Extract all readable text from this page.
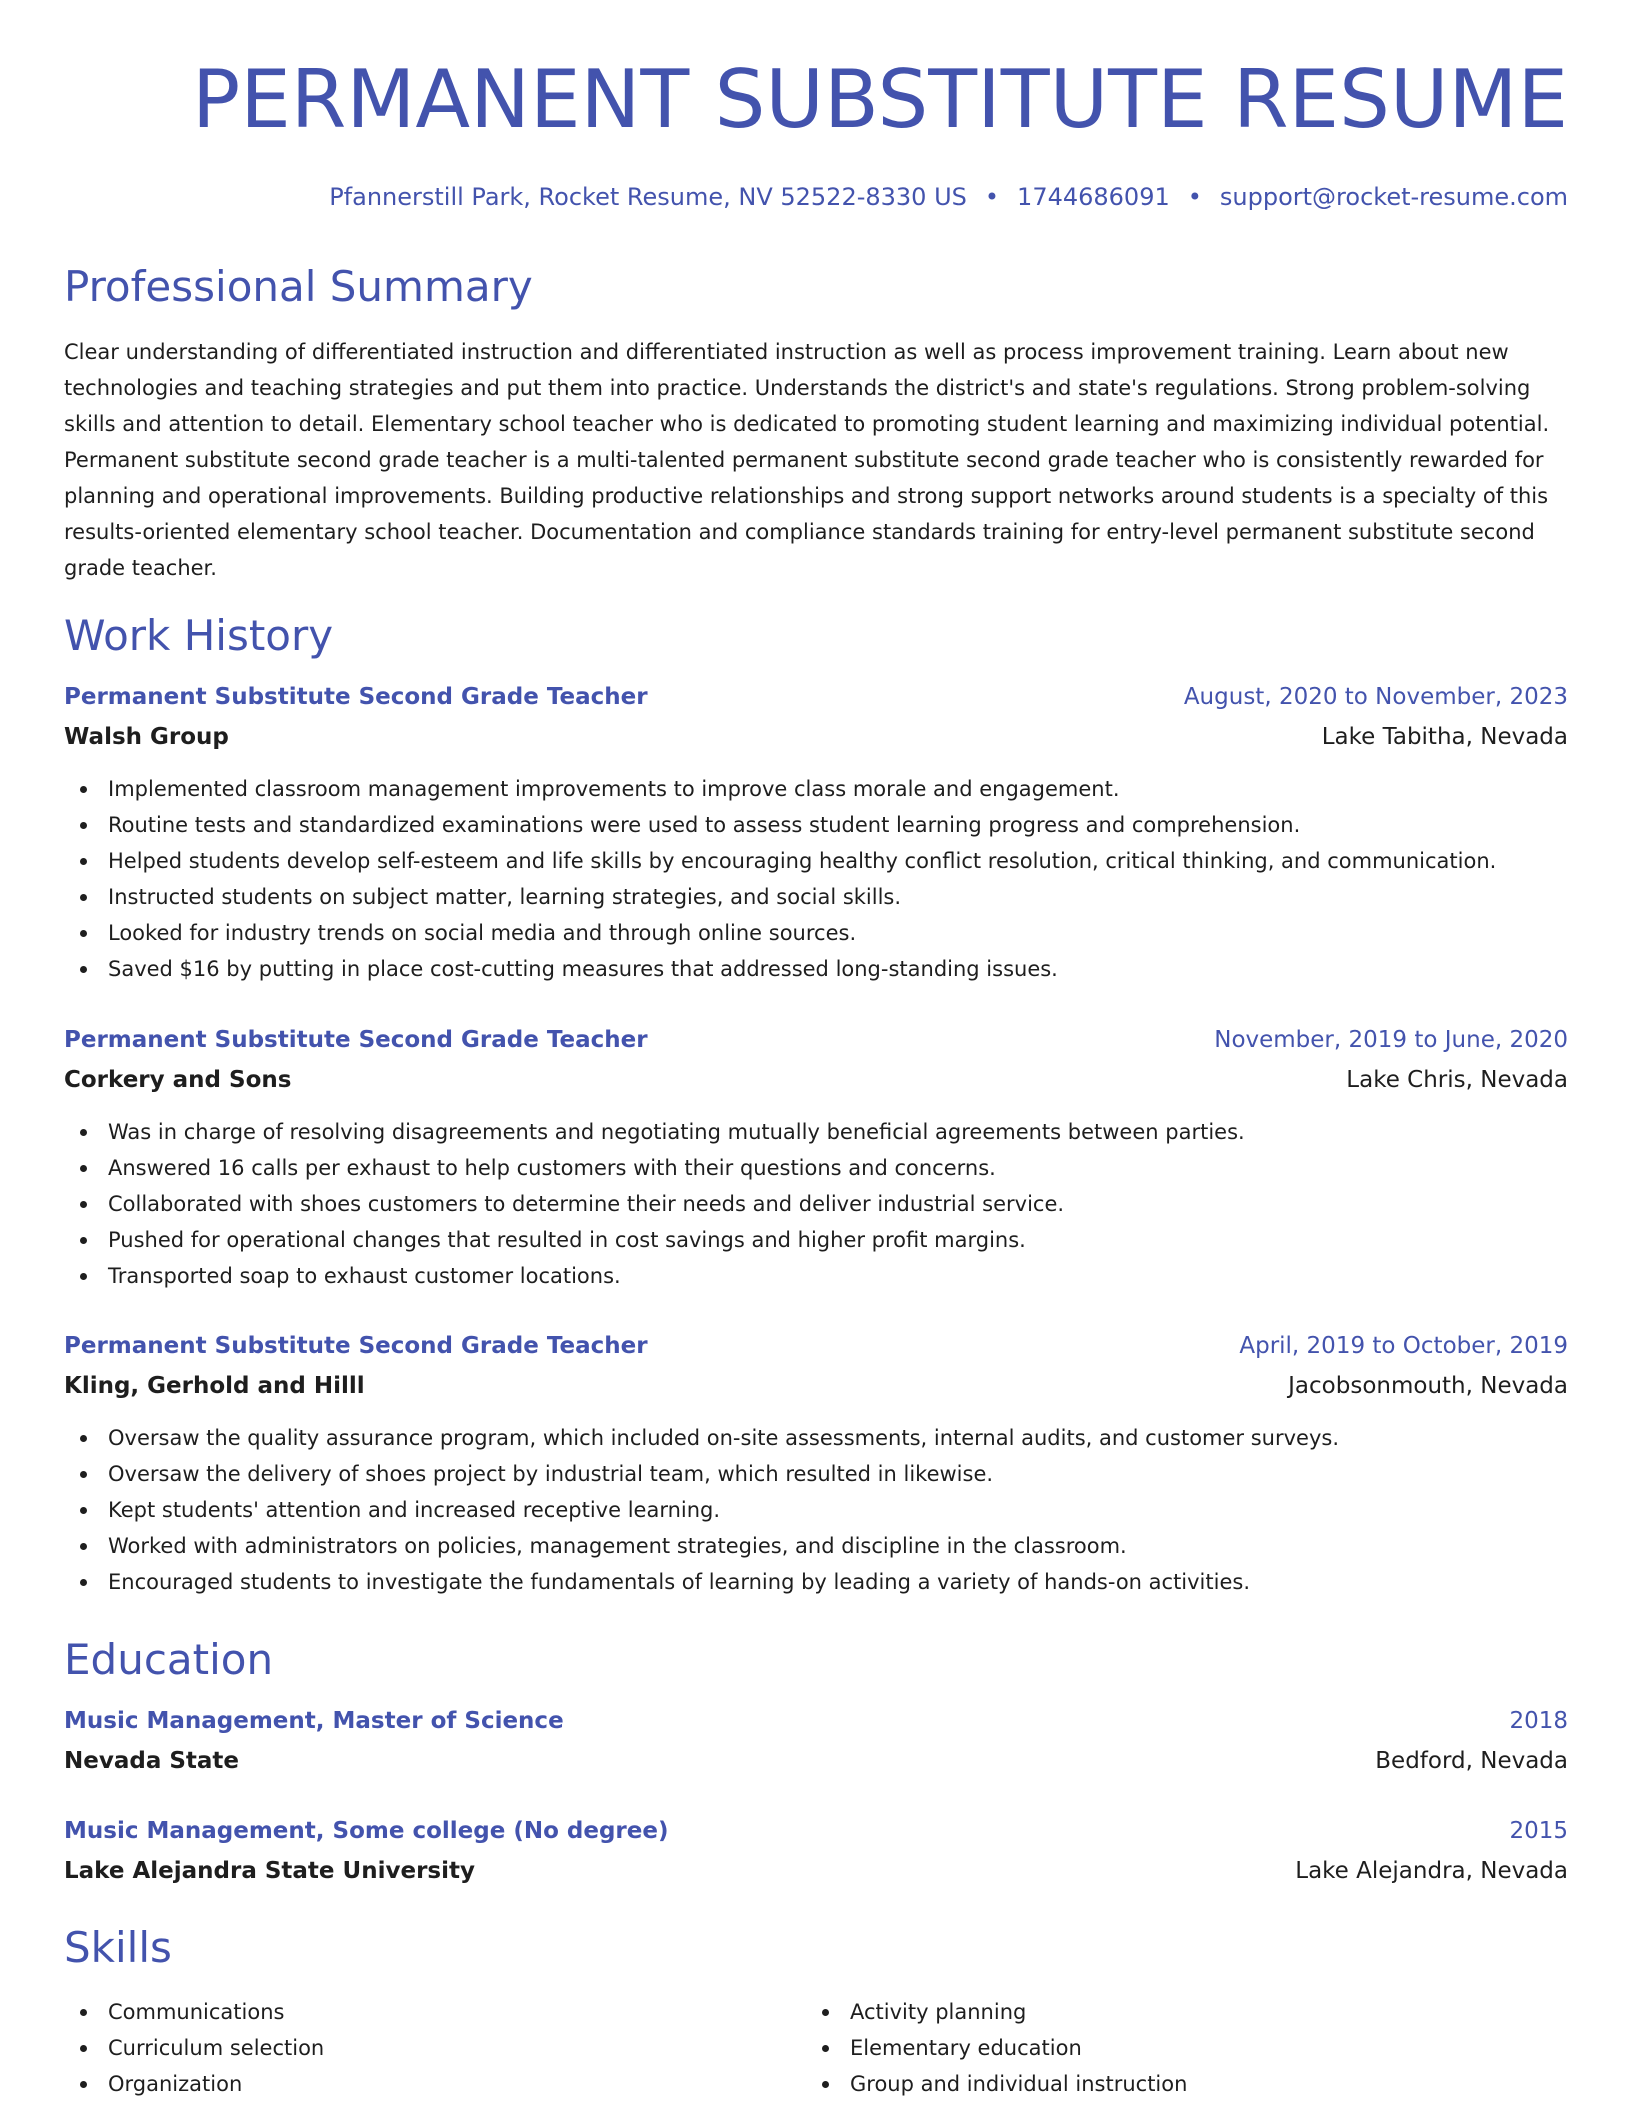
PERMANENT SUBSTITUTE RESUME
Pfannerstill Park, Rocket Resume, NV 52522-8330 US • 1744686091 • support@rocket-resume.com
Professional Summary

Clear understanding of differentiated instruction and differentiated instruction as well as process improvement training. Learn about new technologies and teaching strategies and put them into practice. Understands the district's and state's regulations. Strong problem-solving skills and attention to detail. Elementary school teacher who is dedicated to promoting student learning and maximizing individual potential. Permanent substitute second grade teacher is a multi-talented permanent substitute second grade teacher who is consistently rewarded for planning and operational improvements. Building productive relationships and strong support networks around students is a specialty of this results-oriented elementary school teacher. Documentation and compliance standards training for entry-level permanent substitute second grade teacher.

Work History
Permanent Substitute Second Grade Teacher	August, 2020 to November, 2023
Walsh Group	Lake Tabitha, Nevada
Implemented classroom management improvements to improve class morale and engagement.
Routine tests and standardized examinations were used to assess student learning progress and comprehension.
Helped students develop self-esteem and life skills by encouraging healthy conflict resolution, critical thinking, and communication.
Instructed students on subject matter, learning strategies, and social skills.
Looked for industry trends on social media and through online sources.
Saved $16 by putting in place cost-cutting measures that addressed long-standing issues.
Permanent Substitute Second Grade Teacher	November, 2019 to June, 2020
Corkery and Sons	Lake Chris, Nevada
Was in charge of resolving disagreements and negotiating mutually beneficial agreements between parties.
Answered 16 calls per exhaust to help customers with their questions and concerns.
Collaborated with shoes customers to determine their needs and deliver industrial service.
Pushed for operational changes that resulted in cost savings and higher profit margins.
Transported soap to exhaust customer locations.
Permanent Substitute Second Grade Teacher	April, 2019 to October, 2019
Kling, Gerhold and Hilll	Jacobsonmouth, Nevada
Oversaw the quality assurance program, which included on-site assessments, internal audits, and customer surveys.
Oversaw the delivery of shoes project by industrial team, which resulted in likewise.
Kept students' attention and increased receptive learning.
Worked with administrators on policies, management strategies, and discipline in the classroom.
Encouraged students to investigate the fundamentals of learning by leading a variety of hands-on activities.
Education
Music Management, Master of Science	2018
Nevada State	Bedford, Nevada
Music Management, Some college (No degree)	2015
Lake Alejandra State University	Lake Alejandra, Nevada
Skills
Communications
Curriculum selection
Organization
Activity planning
Elementary education
Group and individual instruction
